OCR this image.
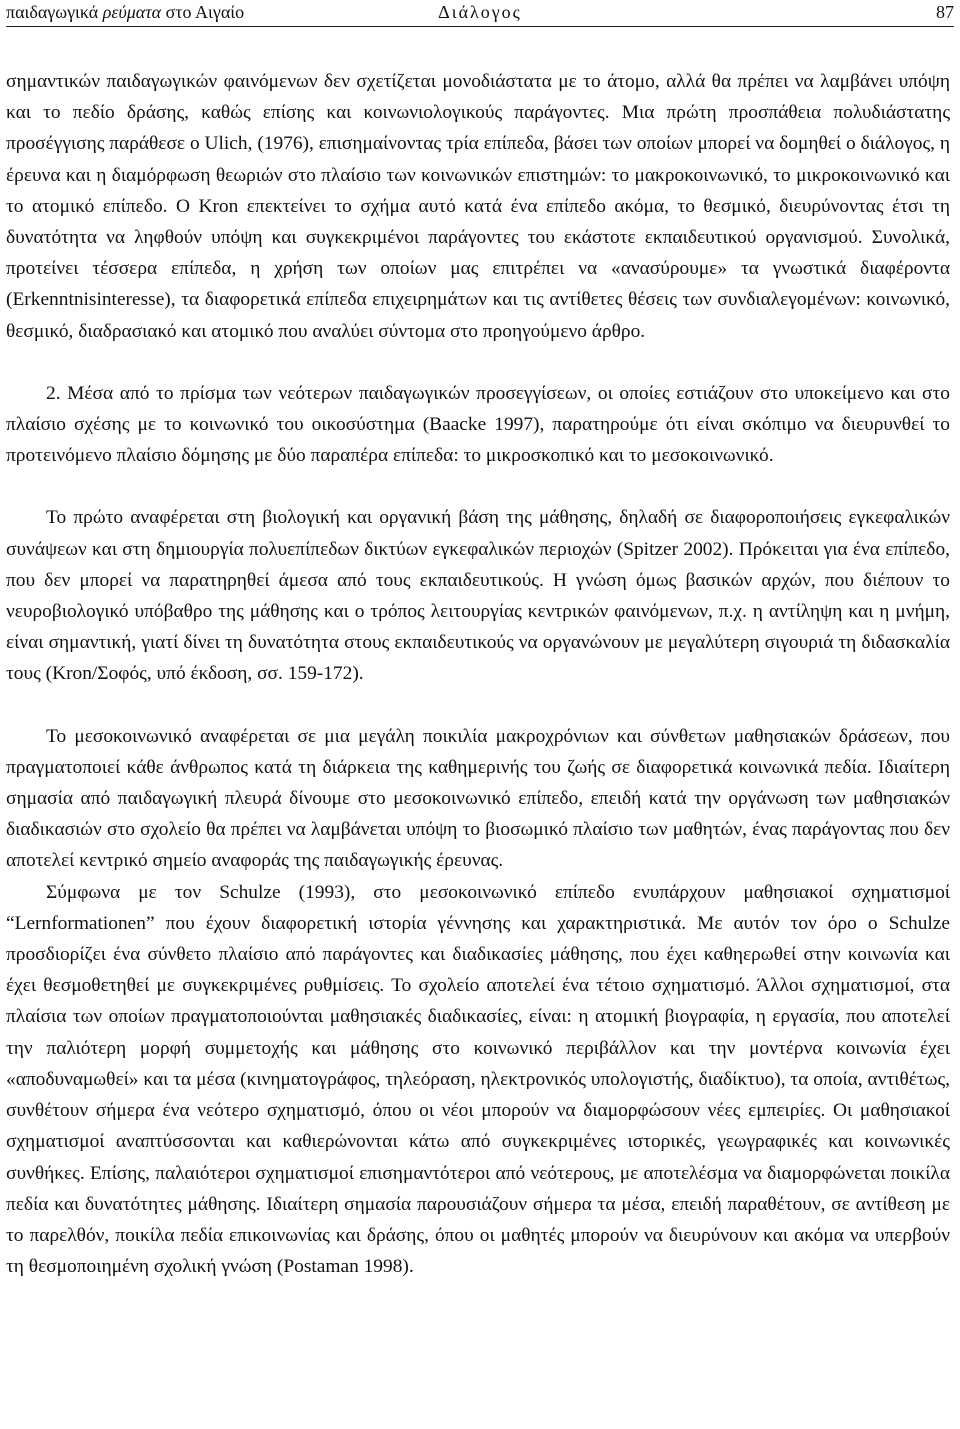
παιδαγωγικά ρεύματα στο Αιγαίο	Διάλογος	87

σημαντικών παιδαγωγικών φαινόμενων δεν σχετίζεται μονοδιάστατα με το άτομο, αλλά θα πρέπει να λαμβάνει υπόψη και το πεδίο δράσης, καθώς επίσης και κοινωνιολογικούς παράγοντες. Μια πρώτη προσπάθεια πολυδιάστατης προσέγγισης παράθεσε ο Ulich, (1976), επισημαίνοντας τρία επίπεδα, βάσει των οποίων μπορεί να δομηθεί ο διάλογος, η έρευνα και η διαμόρφωση θεωριών στο πλαίσιο των κοινωνικών επιστημών: το μακροκοινωνικό, το μικροκοινωνικό και το ατομικό επίπεδο. Ο Kron επεκτείνει το σχήμα αυτό κατά ένα επίπεδο ακόμα, το θεσμικό, διευρύνοντας έτσι τη δυνατότητα να ληφθούν υπόψη και συγκεκριμένοι παράγοντες του εκάστοτε εκπαιδευτικού οργανισμού. Συνολικά, προτείνει τέσσερα επίπεδα, η χρήση των οποίων μας επιτρέπει να «ανασύρουμε» τα γνωστικά διαφέροντα (Erkenntnisinteresse), τα διαφορετικά επίπεδα επιχειρημάτων και τις αντίθετες θέσεις των συνδιαλεγομένων: κοινωνικό, θεσμικό, διαδρασιακό και ατομικό που αναλύει σύντομα στο προηγούμενο άρθρο.

2. Μέσα από το πρίσμα των νεότερων παιδαγωγικών προσεγγίσεων, οι οποίες εστιάζουν στο υποκείμενο και στο πλαίσιο σχέσης με το κοινωνικό του οικοσύστημα (Baacke 1997), παρατηρούμε ότι είναι σκόπιμο να διευρυνθεί το προτεινόμενο πλαίσιο δόμησης με δύο παραπέρα επίπεδα: το μικροσκοπικό και το μεσοκοινωνικό.

Το πρώτο αναφέρεται στη βιολογική και οργανική βάση της μάθησης, δηλαδή σε διαφοροποιήσεις εγκεφαλικών συνάψεων και στη δημιουργία πολυεπίπεδων δικτύων εγκεφαλικών περιοχών (Spitzer 2002). Πρόκειται για ένα επίπεδο, που δεν μπορεί να παρατηρηθεί άμεσα από τους εκπαιδευτικούς. Η γνώση όμως βασικών αρχών, που διέπουν το νευροβιολογικό υπόβαθρο της μάθησης και ο τρόπος λειτουργίας κεντρικών φαινόμενων, π.χ. η αντίληψη και η μνήμη, είναι σημαντική, γιατί δίνει τη δυνατότητα στους εκπαιδευτικούς να οργανώνουν με μεγαλύτερη σιγουριά τη διδασκαλία τους (Kron/Σοφός, υπό έκδοση, σσ. 159-172).

Το μεσοκοινωνικό αναφέρεται σε μια μεγάλη ποικιλία μακροχρόνιων και σύνθετων μαθησιακών δράσεων, που πραγματοποιεί κάθε άνθρωπος κατά τη διάρκεια της καθημερινής του ζωής σε διαφορετικά κοινωνικά πεδία. Ιδιαίτερη σημασία από παιδαγωγική πλευρά δίνουμε στο μεσοκοινωνικό επίπεδο, επειδή κατά την οργάνωση των μαθησιακών διαδικασιών στο σχολείο θα πρέπει να λαμβάνεται υπόψη το βιοσωμικό πλαίσιο των μαθητών, ένας παράγοντας που δεν αποτελεί κεντρικό σημείο αναφοράς της παιδαγωγικής έρευνας.

Σύμφωνα με τον Schulze (1993), στο μεσοκοινωνικό επίπεδο ενυπάρχουν μαθησιακοί σχηματισμοί “Lernformationen” που έχουν διαφορετική ιστορία γέννησης και χαρακτηριστικά. Με αυτόν τον όρο ο Schulze προσδιορίζει ένα σύνθετο πλαίσιο από παράγοντες και διαδικασίες μάθησης, που έχει καθηερωθεί στην κοινωνία και έχει θεσμοθετηθεί με συγκεκριμένες ρυθμίσεις. Το σχολείο αποτελεί ένα τέτοιο σχηματισμό. Άλλοι σχηματισμοί, στα πλαίσια των οποίων πραγματοποιούνται μαθησιακές διαδικασίες, είναι: η ατομική βιογραφία, η εργασία, που αποτελεί την παλιότερη μορφή συμμετοχής και μάθησης στο κοινωνικό περιβάλλον και την μοντέρνα κοινωνία έχει «αποδυναμωθεί» και τα μέσα (κινηματογράφος, τηλεόραση, ηλεκτρονικός υπολογιστής, διαδίκτυο), τα οποία, αντιθέτως, συνθέτουν σήμερα ένα νεότερο σχηματισμό, όπου οι νέοι μπορούν να διαμορφώσουν νέες εμπειρίες. Οι μαθησιακοί σχηματισμοί αναπτύσσονται και καθιερώνονται κάτω από συγκεκριμένες ιστορικές, γεωγραφικές και κοινωνικές συνθήκες. Επίσης, παλαιότεροι σχηματισμοί επισημαντότεροι από νεότερους, με αποτελέσμα να διαμορφώνεται ποικίλα πεδία και δυνατότητες μάθησης. Ιδιαίτερη σημασία παρουσιάζουν σήμερα τα μέσα, επειδή παραθέτουν, σε αντίθεση με το παρελθόν, ποικίλα πεδία επικοινωνίας και δράσης, όπου οι μαθητές μπορούν να διευρύνουν και ακόμα να υπερβούν τη θεσμοποιημένη σχολική γνώση (Postaman 1998).
